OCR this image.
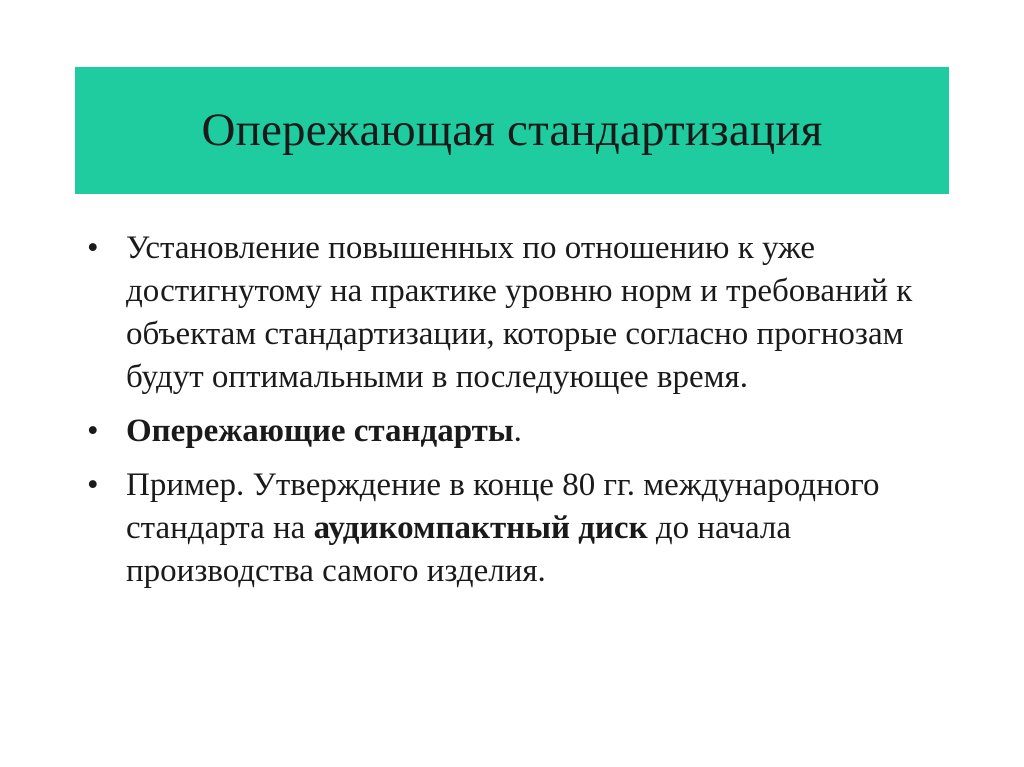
Опережающая стандартизация
• Установление повышенных по отношению к уже достигнутому на практике уровню норм и требований к объектам стандартизации, которые согласно прогнозам будут оптимальными в последующее время.
• Опережающие стандарты.
• Пример. Утверждение в конце 80 гг. международного стандарта на аудикомпактный диск до начала производства самого изделия.
